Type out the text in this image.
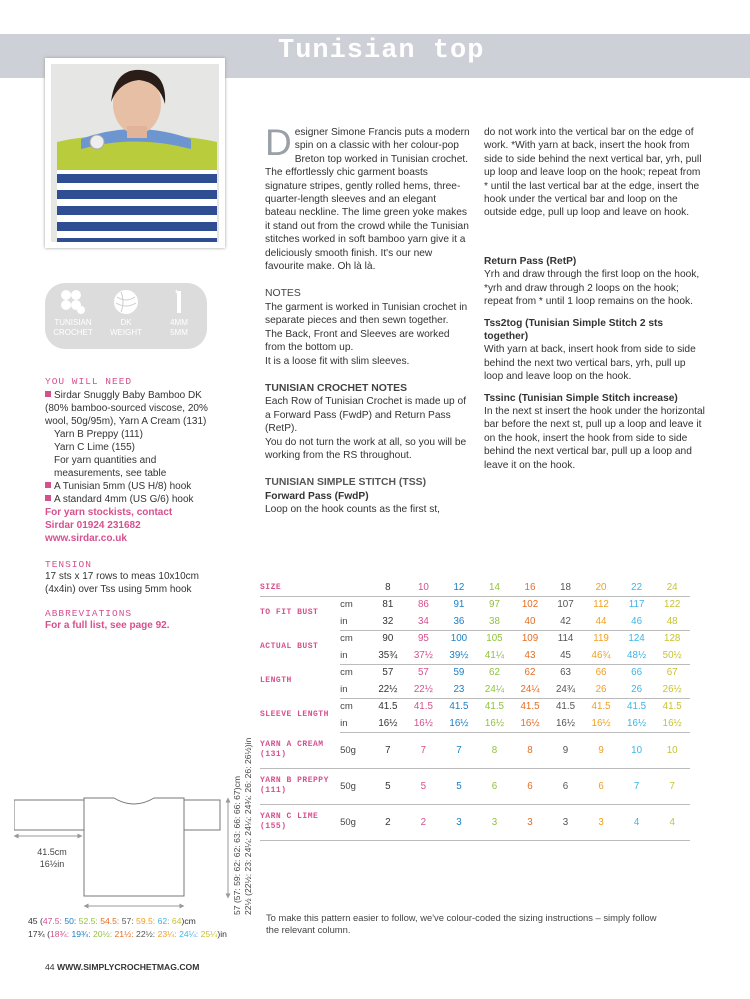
Tunisian top
TUNISIAN
CROCHET
DK
WEIGHT
4MM
5MM
YOU WILL NEED
Sirdar Snuggly Baby Bamboo DK (80% bamboo-sourced viscose, 20% wool, 50g/95m), Yarn A Cream (131)
Yarn B Preppy (111)
Yarn C Lime (155)
For yarn quantities and measurements, see table
A Tunisian 5mm (US H/8) hook
A standard 4mm (US G/6) hook
For yarn stockists, contact
Sirdar 01924 231682
www.sirdar.co.uk
TENSION
17 sts x 17 rows to meas 10x10cm (4x4in) over Tss using 5mm hook
ABBREVIATIONS
For a full list, see page 92.
Designer Simone Francis puts a modern spin on a classic with her colour-pop Breton top worked in Tunisian crochet. The effortlessly chic garment boasts signature stripes, gently rolled hems, three-quarter-length sleeves and an elegant bateau neckline. The lime green yoke makes it stand out from the crowd while the Tunisian stitches worked in soft bamboo yarn give it a deliciously smooth finish. It's our new favourite make. Oh là là.
NOTES
The garment is worked in Tunisian crochet in separate pieces and then sewn together.
The Back, Front and Sleeves are worked from the bottom up.
It is a loose fit with slim sleeves.
TUNISIAN CROCHET NOTES
Each Row of Tunisian Crochet is made up of a Forward Pass (FwdP) and Return Pass (RetP).
You do not turn the work at all, so you will be working from the RS throughout.
TUNISIAN SIMPLE STITCH (TSS)
Forward Pass (FwdP)
Loop on the hook counts as the first st,
do not work into the vertical bar on the edge of work. *With yarn at back, insert the hook from side to side behind the next vertical bar, yrh, pull up loop and leave loop on the hook; repeat from * until the last vertical bar at the edge, insert the hook under the vertical bar and loop on the outside edge, pull up loop and leave on hook.
Return Pass (RetP)
Yrh and draw through the first loop on the hook, *yrh and draw through 2 loops on the hook; repeat from * until 1 loop remains on the hook.
Tss2tog (Tunisian Simple Stitch 2 sts together)
With yarn at back, insert hook from side to side behind the next two vertical bars, yrh, pull up loop and leave loop on the hook.
Tssinc (Tunisian Simple Stitch increase)
In the next st insert the hook under the horizontal bar before the next st, pull up a loop and leave it on the hook, insert the hook from side to side behind the next vertical bar, pull up a loop and leave it on the hook.
SIZE		8	10	12	14	16	18	20	22	24
TO FIT BUST	cm	81	86	91	97	102	107	112	117	122
	in	32	34	36	38	40	42	44	46	48
ACTUAL BUST	cm	90	95	100	105	109	114	119	124	128
	in	35¾	37½	39½	41¼	43	45	46¾	48½	50½
LENGTH	cm	57	57	59	62	62	63	66	66	67
	in	22½	22½	23	24¼	24¼	24¾	26	26	26½
SLEEVE LENGTH	cm	41.5	41.5	41.5	41.5	41.5	41.5	41.5	41.5	41.5
	in	16½	16½	16½	16½	16½	16½	16½	16½	16½
YARN A CREAM (131)	50g	7	7	7	8	8	9	9	10	10
YARN B PREPPY (111)	50g	5	5	5	6	6	6	6	7	7
YARN C LIME (155)	50g	2	2	3	3	3	3	3	4	4
41.5cm
16½in	57 (57: 59: 62: 62: 63: 66: 66: 67)cm 22½ (22½: 23: 24¼: 24¼: 24¾: 26: 26: 26½)in
45 (47.5: 50: 52.5: 54.5: 57: 59.5: 62: 64)cm
17¾ (18¾: 19¾: 20½: 21½: 22½: 23¼: 24¼: 25¼)in
To make this pattern easier to follow, we've colour-coded the sizing instructions – simply follow the relevant column.
44 WWW.SIMPLYCROCHETMAG.COM
